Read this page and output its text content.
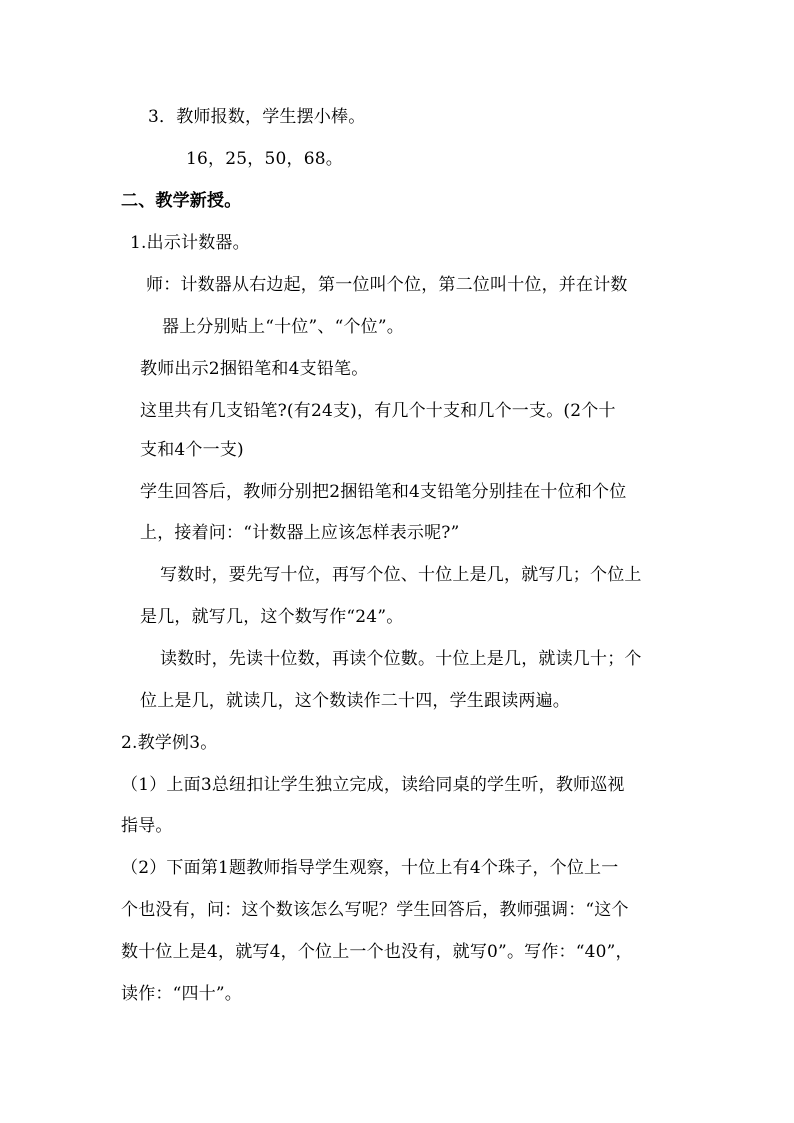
3．教师报数，学生摆小棒。
16，25，50，68。
二、教学新授。
1.出示计数器。
师：计数器从右边起，第一位叫个位，第二位叫十位，并在计数
器上分别贴上“十位”、“个位”。
教师出示2捆铅笔和4支铅笔。
这里共有几支铅笔?(有24支)，有几个十支和几个一支。(2个十
支和4个一支)
学生回答后，教师分别把2捆铅笔和4支铅笔分别挂在十位和个位
上，接着问：“计数器上应该怎样表示呢?”
写数时，要先写十位，再写个位、十位上是几，就写几；个位上
是几，就写几，这个数写作“24”。
读数时，先读十位数，再读个位數。十位上是几，就读几十；个
位上是几，就读几，这个数读作二十四，学生跟读两遍。
2.教学例3。
（1）上面3总纽扣让学生独立完成，读给同桌的学生听，教师巡视
指导。
（2）下面第1题教师指导学生观察，十位上有4个珠子，个位上一
个也没有，问：这个数该怎么写呢？学生回答后，教师强调：“这个
数十位上是4，就写4，个位上一个也没有，就写0”。写作：“40”，
读作：“四十”。
